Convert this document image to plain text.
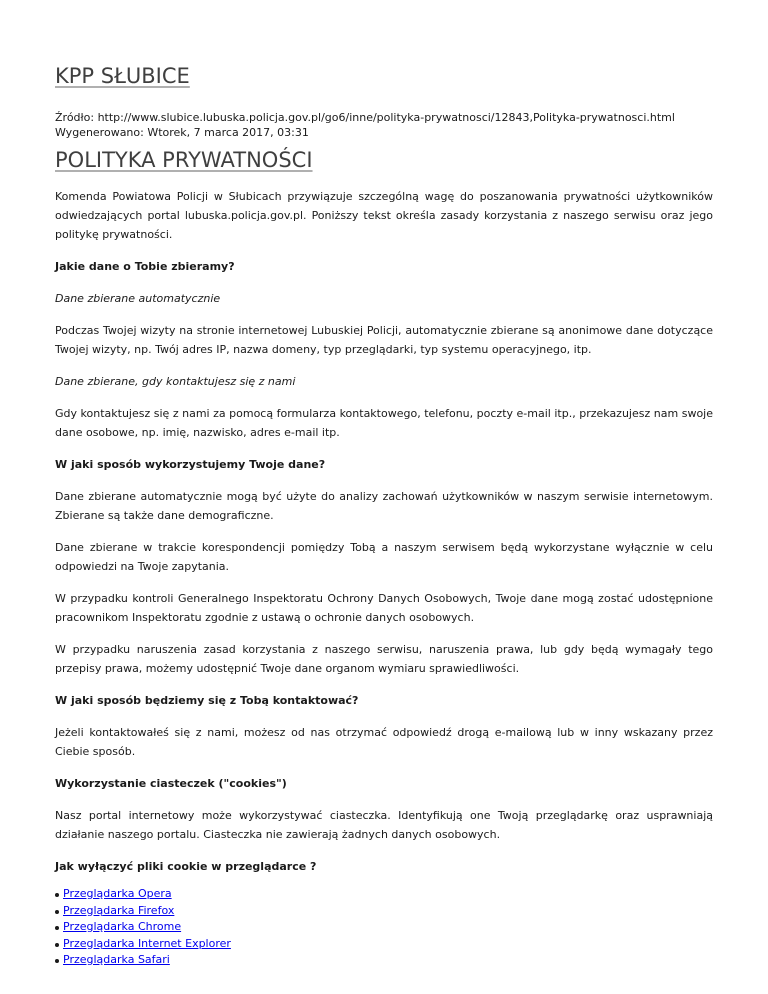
KPP SŁUBICE
Źródło: http://www.slubice.lubuska.policja.gov.pl/go6/inne/polityka-prywatnosci/12843,Polityka-prywatnosci.html
Wygenerowano: Wtorek, 7 marca 2017, 03:31
POLITYKA PRYWATNOŚCI

Komenda Powiatowa Policji w Słubicach przywiązuje szczególną wagę do poszanowania prywatności użytkowników odwiedzających portal lubuska.policja.gov.pl. Poniższy tekst określa zasady korzystania z naszego serwisu oraz jego politykę prywatności.

Jakie dane o Tobie zbieramy?

Dane zbierane automatycznie

Podczas Twojej wizyty na stronie internetowej Lubuskiej Policji, automatycznie zbierane są anonimowe dane dotyczące Twojej wizyty, np. Twój adres IP, nazwa domeny, typ przeglądarki, typ systemu operacyjnego, itp.

Dane zbierane, gdy kontaktujesz się z nami

Gdy kontaktujesz się z nami za pomocą formularza kontaktowego, telefonu, poczty e-mail itp., przekazujesz nam swoje dane osobowe, np. imię, nazwisko, adres e-mail itp.

W jaki sposób wykorzystujemy Twoje dane?

Dane zbierane automatycznie mogą być użyte do analizy zachowań użytkowników w naszym serwisie internetowym. Zbierane są także dane demograficzne.

Dane zbierane w trakcie korespondencji pomiędzy Tobą a naszym serwisem będą wykorzystane wyłącznie w celu odpowiedzi na Twoje zapytania.

W przypadku kontroli Generalnego Inspektoratu Ochrony Danych Osobowych, Twoje dane mogą zostać udostępnione pracownikom Inspektoratu zgodnie z ustawą o ochronie danych osobowych.

W przypadku naruszenia zasad korzystania z naszego serwisu, naruszenia prawa, lub gdy będą wymagały tego przepisy prawa, możemy udostępnić Twoje dane organom wymiaru sprawiedliwości.

W jaki sposób będziemy się z Tobą kontaktować?

Jeżeli kontaktowałeś się z nami, możesz od nas otrzymać odpowiedź drogą e-mailową lub w inny wskazany przez Ciebie sposób.

Wykorzystanie ciasteczek ("cookies")

Nasz portal internetowy może wykorzystywać ciasteczka. Identyfikują one Twoją przeglądarkę oraz usprawniają działanie naszego portalu. Ciasteczka nie zawierają żadnych danych osobowych.

Jak wyłączyć pliki cookie w przeglądarce ?

Przeglądarka Opera
Przeglądarka Firefox
Przeglądarka Chrome
Przeglądarka Internet Explorer
Przeglądarka Safari
